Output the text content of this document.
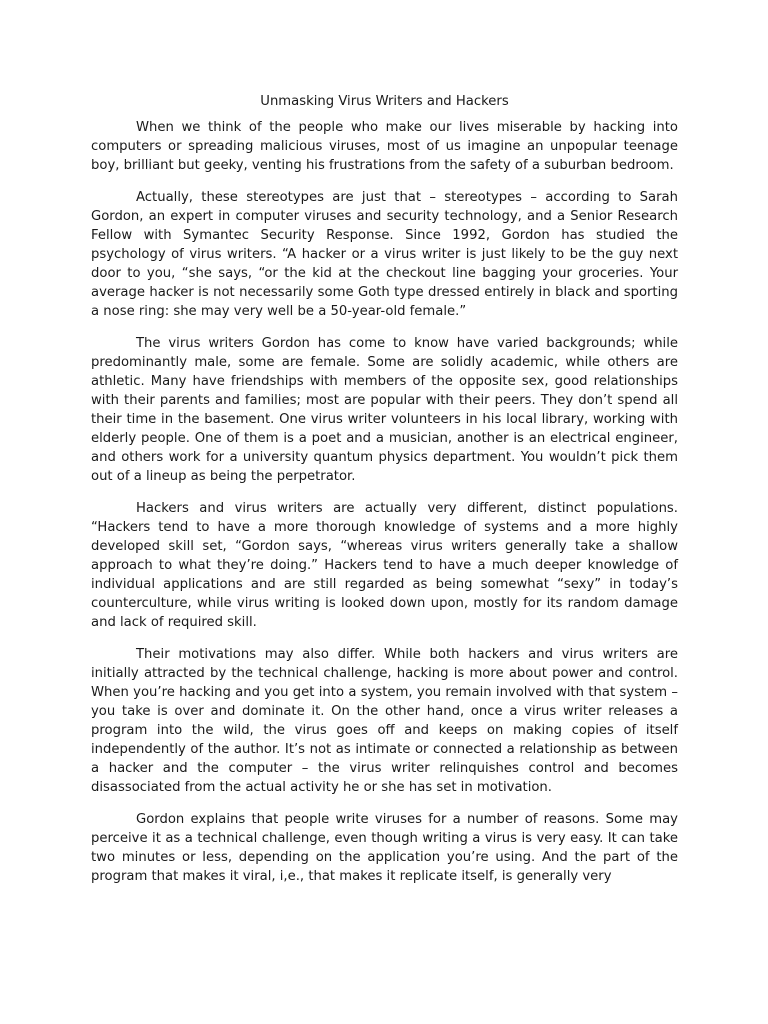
Unmasking Virus Writers and Hackers

When we think of the people who make our lives miserable by hacking into computers or spreading malicious viruses, most of us imagine an unpopular teenage boy, brilliant but geeky, venting his frustrations from the safety of a suburban bedroom.

Actually, these stereotypes are just that – stereotypes – according to Sarah Gordon, an expert in computer viruses and security technology, and a Senior Research Fellow with Symantec Security Response. Since 1992, Gordon has studied the psychology of virus writers. “A hacker or a virus writer is just likely to be the guy next door to you, “she says, “or the kid at the checkout line bagging your groceries. Your average hacker is not necessarily some Goth type dressed entirely in black and sporting a nose ring: she may very well be a 50-year-old female.”

The virus writers Gordon has come to know have varied backgrounds; while predominantly male, some are female. Some are solidly academic, while others are athletic. Many have friendships with members of the opposite sex, good relationships with their parents and families; most are popular with their peers. They don’t spend all their time in the basement. One virus writer volunteers in his local library, working with elderly people. One of them is a poet and a musician, another is an electrical engineer, and others work for a university quantum physics department. You wouldn’t pick them out of a lineup as being the perpetrator.

Hackers and virus writers are actually very different, distinct populations. “Hackers tend to have a more thorough knowledge of systems and a more highly developed skill set, “Gordon says, “whereas virus writers generally take a shallow approach to what they’re doing.” Hackers tend to have a much deeper knowledge of individual applications and are still regarded as being somewhat “sexy” in today’s counterculture, while virus writing is looked down upon, mostly for its random damage and lack of required skill.

Their motivations may also differ. While both hackers and virus writers are initially attracted by the technical challenge, hacking is more about power and control. When you’re hacking and you get into a system, you remain involved with that system – you take is over and dominate it. On the other hand, once a virus writer releases a program into the wild, the virus goes off and keeps on making copies of itself independently of the author. It’s not as intimate or connected a relationship as between a hacker and the computer – the virus writer relinquishes control and becomes disassociated from the actual activity he or she has set in motivation.

Gordon explains that people write viruses for a number of reasons. Some may perceive it as a technical challenge, even though writing a virus is very easy. It can take two minutes or less, depending on the application you’re using. And the part of the program that makes it viral, i,e., that makes it replicate itself, is generally very
